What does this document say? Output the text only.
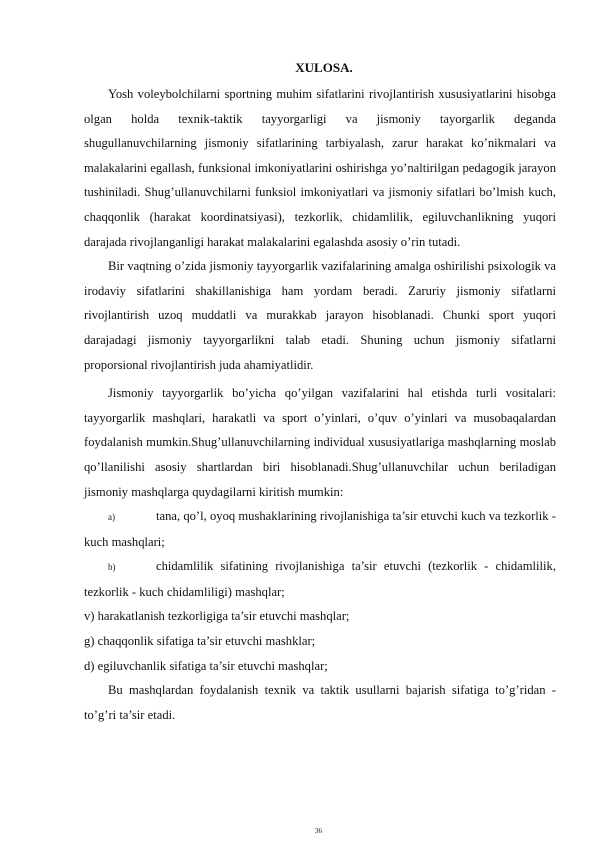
XULOSA.

Yosh voleybolchilarni sportning muhim sifatlarini rivojlantirish xususiyatlarini hisobga olgan holda texnik-taktik tayyorgarligi va jismoniy tayorgarlik deganda shugullanuvchilarning jismoniy sifatlarining tarbiyalash, zarur harakat ko’nikmalari va malakalarini egallash, funksional imkoniyatlarini oshirishga yo’naltirilgan pedagogik jarayon tushiniladi. Shug’ullanuvchilarni funksiol imkoniyatlari va jismoniy sifatlari bo’lmish kuch, chaqqonlik (harakat koordinatsiyasi), tezkorlik, chidamlilik, egiluvchanlikning yuqori darajada rivojlanganligi harakat malakalarini egalashda asosiy o’rin tutadi.

Bir vaqtning o’zida jismoniy tayyorgarlik vazifalarining amalga oshirilishi psixologik va irodaviy sifatlarini shakillanishiga ham yordam beradi. Zaruriy jismoniy sifatlarni rivojlantirish uzoq muddatli va murakkab jarayon hisoblanadi. Chunki sport yuqori darajadagi jismoniy tayyorgarlikni talab etadi. Shuning uchun jismoniy sifatlarni proporsional rivojlantirish juda ahamiyatlidir.

Jismoniy tayyorgarlik bo’yicha qo’yilgan vazifalarini hal etishda turli vositalari: tayyorgarlik mashqlari, harakatli va sport o’yinlari, o’quv o’yinlari va musobaqalardan foydalanish mumkin.Shug’ullanuvchilarning individual xususiyatlariga mashqlarning moslab qo’llanilishi asosiy shartlardan biri hisoblanadi.Shug’ullanuvchilar uchun beriladigan jismoniy mashqlarga quydagilarni kiritish mumkin:

a)	tana, qo’l, oyoq mushaklarining rivojlanishiga ta’sir etuvchi kuch va tezkorlik - kuch mashqlari;

b)	chidamlilik sifatining rivojlanishiga ta’sir etuvchi (tezkorlik - chidamlilik, tezkorlik - kuch chidamliligi) mashqlar;

v) harakatlanish tezkorligiga ta’sir etuvchi mashqlar;

g) chaqqonlik sifatiga ta’sir etuvchi mashklar;

d) egiluvchanlik sifatiga ta’sir etuvchi mashqlar;

Bu mashqlardan foydalanish texnik va taktik usullarni bajarish sifatiga to’g’ridan - to’g’ri ta’sir etadi.

36
